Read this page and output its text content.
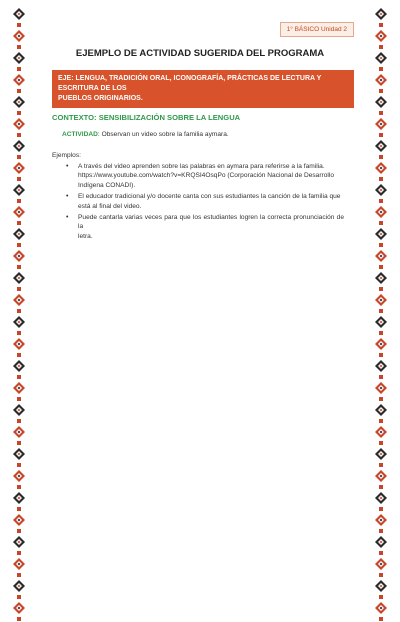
1° BÁSICO Unidad 2
EJEMPLO DE ACTIVIDAD SUGERIDA DEL PROGRAMA
EJE: LENGUA, TRADICIÓN ORAL, ICONOGRAFÍA, PRÁCTICAS DE LECTURA Y ESCRITURA DE LOS
PUEBLOS ORIGINARIOS.
CONTEXTO: SENSIBILIZACIÓN SOBRE LA LENGUA
ACTIVIDAD: Observan un video sobre la familia aymara.
Ejemplos:
• A través del video aprenden sobre las palabras en aymara para referirse a la familia.
https://www.youtube.com/watch?v=KRQSI4OsqPo (Corporación Nacional de Desarrollo
Indígena CONADI).
• El educador tradicional y/o docente canta con sus estudiantes la canción de la familia que
está al final del video.
• Puede cantarla varias veces para que los estudiantes logren la correcta pronunciación de la
letra.
